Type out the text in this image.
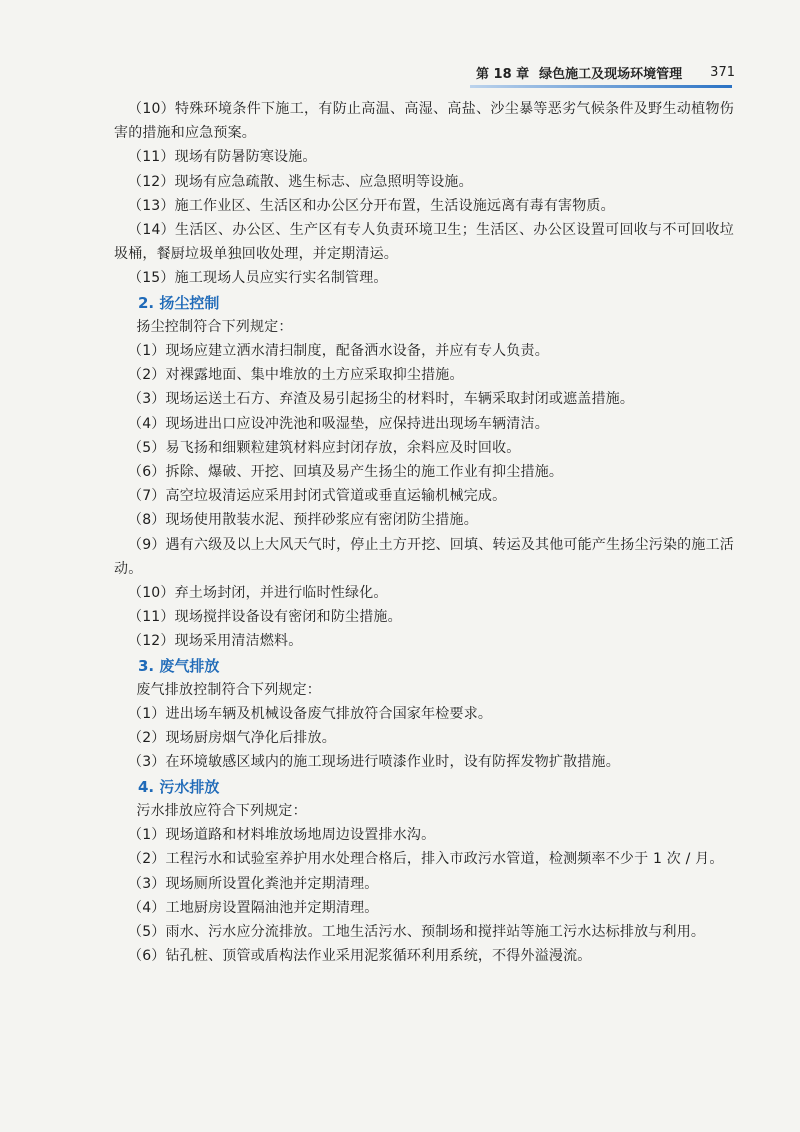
第 18 章 绿色施工及现场环境管理 371

（10）特殊环境条件下施工，有防止高温、高湿、高盐、沙尘暴等恶劣气候条件及野生动植物伤害的措施和应急预案。

（11）现场有防暑防寒设施。

（12）现场有应急疏散、逃生标志、应急照明等设施。

（13）施工作业区、生活区和办公区分开布置，生活设施远离有毒有害物质。

（14）生活区、办公区、生产区有专人负责环境卫生；生活区、办公区设置可回收与不可回收垃圾桶，餐厨垃圾单独回收处理，并定期清运。

（15）施工现场人员应实行实名制管理。

2. 扬尘控制

扬尘控制符合下列规定：

（1）现场应建立洒水清扫制度，配备洒水设备，并应有专人负责。

（2）对裸露地面、集中堆放的土方应采取抑尘措施。

（3）现场运送土石方、弃渣及易引起扬尘的材料时，车辆采取封闭或遮盖措施。

（4）现场进出口应设冲洗池和吸湿垫，应保持进出现场车辆清洁。

（5）易飞扬和细颗粒建筑材料应封闭存放，余料应及时回收。

（6）拆除、爆破、开挖、回填及易产生扬尘的施工作业有抑尘措施。

（7）高空垃圾清运应采用封闭式管道或垂直运输机械完成。

（8）现场使用散装水泥、预拌砂浆应有密闭防尘措施。

（9）遇有六级及以上大风天气时，停止土方开挖、回填、转运及其他可能产生扬尘污染的施工活动。

（10）弃土场封闭，并进行临时性绿化。

（11）现场搅拌设备设有密闭和防尘措施。

（12）现场采用清洁燃料。

3. 废气排放

废气排放控制符合下列规定：

（1）进出场车辆及机械设备废气排放符合国家年检要求。

（2）现场厨房烟气净化后排放。

（3）在环境敏感区域内的施工现场进行喷漆作业时，设有防挥发物扩散措施。

4. 污水排放

污水排放应符合下列规定：

（1）现场道路和材料堆放场地周边设置排水沟。

（2）工程污水和试验室养护用水处理合格后，排入市政污水管道，检测频率不少于 1 次 / 月。

（3）现场厕所设置化粪池并定期清理。

（4）工地厨房设置隔油池并定期清理。

（5）雨水、污水应分流排放。工地生活污水、预制场和搅拌站等施工污水达标排放与利用。

（6）钻孔桩、顶管或盾构法作业采用泥浆循环利用系统，不得外溢漫流。
